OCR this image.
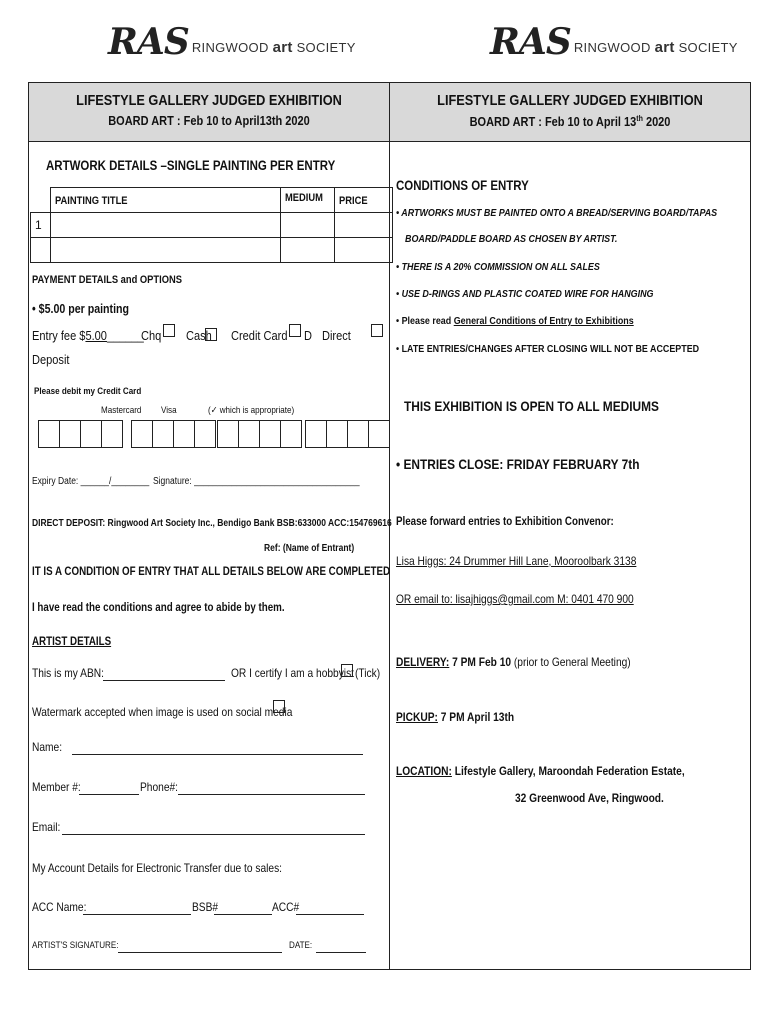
RAS RINGWOOD art SOCIETY	RAS RINGWOOD art SOCIETY
LIFESTYLE GALLERY JUDGED EXHIBITION
BOARD ART : Feb 10 to April13th 2020
LIFESTYLE GALLERY JUDGED EXHIBITION
BOARD ART : Feb 10 to April 13th 2020
ARTWORK DETAILS –SINGLE PAINTING PER ENTRY
	PAINTING TITLE	MEDIUM	PRICE
1			

PAYMENT DETAILS and OPTIONS
• $5.00 per painting
Entry fee $5.00______
Chq Cash Credit Card D Direct
Deposit
Please debit my Credit Card
Mastercard Visa	(✓ which is appropriate)
Expiry Date: ______/________ Signature: ___________________________________
DIRECT DEPOSIT: Ringwood Art Society Inc., Bendigo Bank BSB:633000 ACC:154769616
Ref: (Name of Entrant)
IT IS A CONDITION OF ENTRY THAT ALL DETAILS BELOW ARE COMPLETED
I have read the conditions and agree to abide by them.
ARTIST DETAILS
This is my ABN:	OR I certify I am a hobbyist (Tick)
Watermark accepted when image is used on social media
Name:
Member #:	Phone#:
Email:
My Account Details for Electronic Transfer due to sales:
ACC Name:	BSB#	ACC#
ARTIST'S SIGNATURE:	DATE:
CONDITIONS OF ENTRY
• ARTWORKS MUST BE PAINTED ONTO A BREAD/SERVING BOARD/TAPAS
BOARD/PADDLE BOARD AS CHOSEN BY ARTIST.
• THERE IS A 20% COMMISSION ON ALL SALES
• USE D-RINGS AND PLASTIC COATED WIRE FOR HANGING
• Please read General Conditions of Entry to Exhibitions
• LATE ENTRIES/CHANGES AFTER CLOSING WILL NOT BE ACCEPTED
THIS EXHIBITION IS OPEN TO ALL MEDIUMS
• ENTRIES CLOSE: FRIDAY FEBRUARY 7th
Please forward entries to Exhibition Convenor:
Lisa Higgs: 24 Drummer Hill Lane, Mooroolbark 3138
OR email to: lisajhiggs@gmail.com M: 0401 470 900
DELIVERY: 7 PM Feb 10 (prior to General Meeting)
PICKUP: 7 PM April 13th
LOCATION: Lifestyle Gallery, Maroondah Federation Estate,
32 Greenwood Ave, Ringwood.
